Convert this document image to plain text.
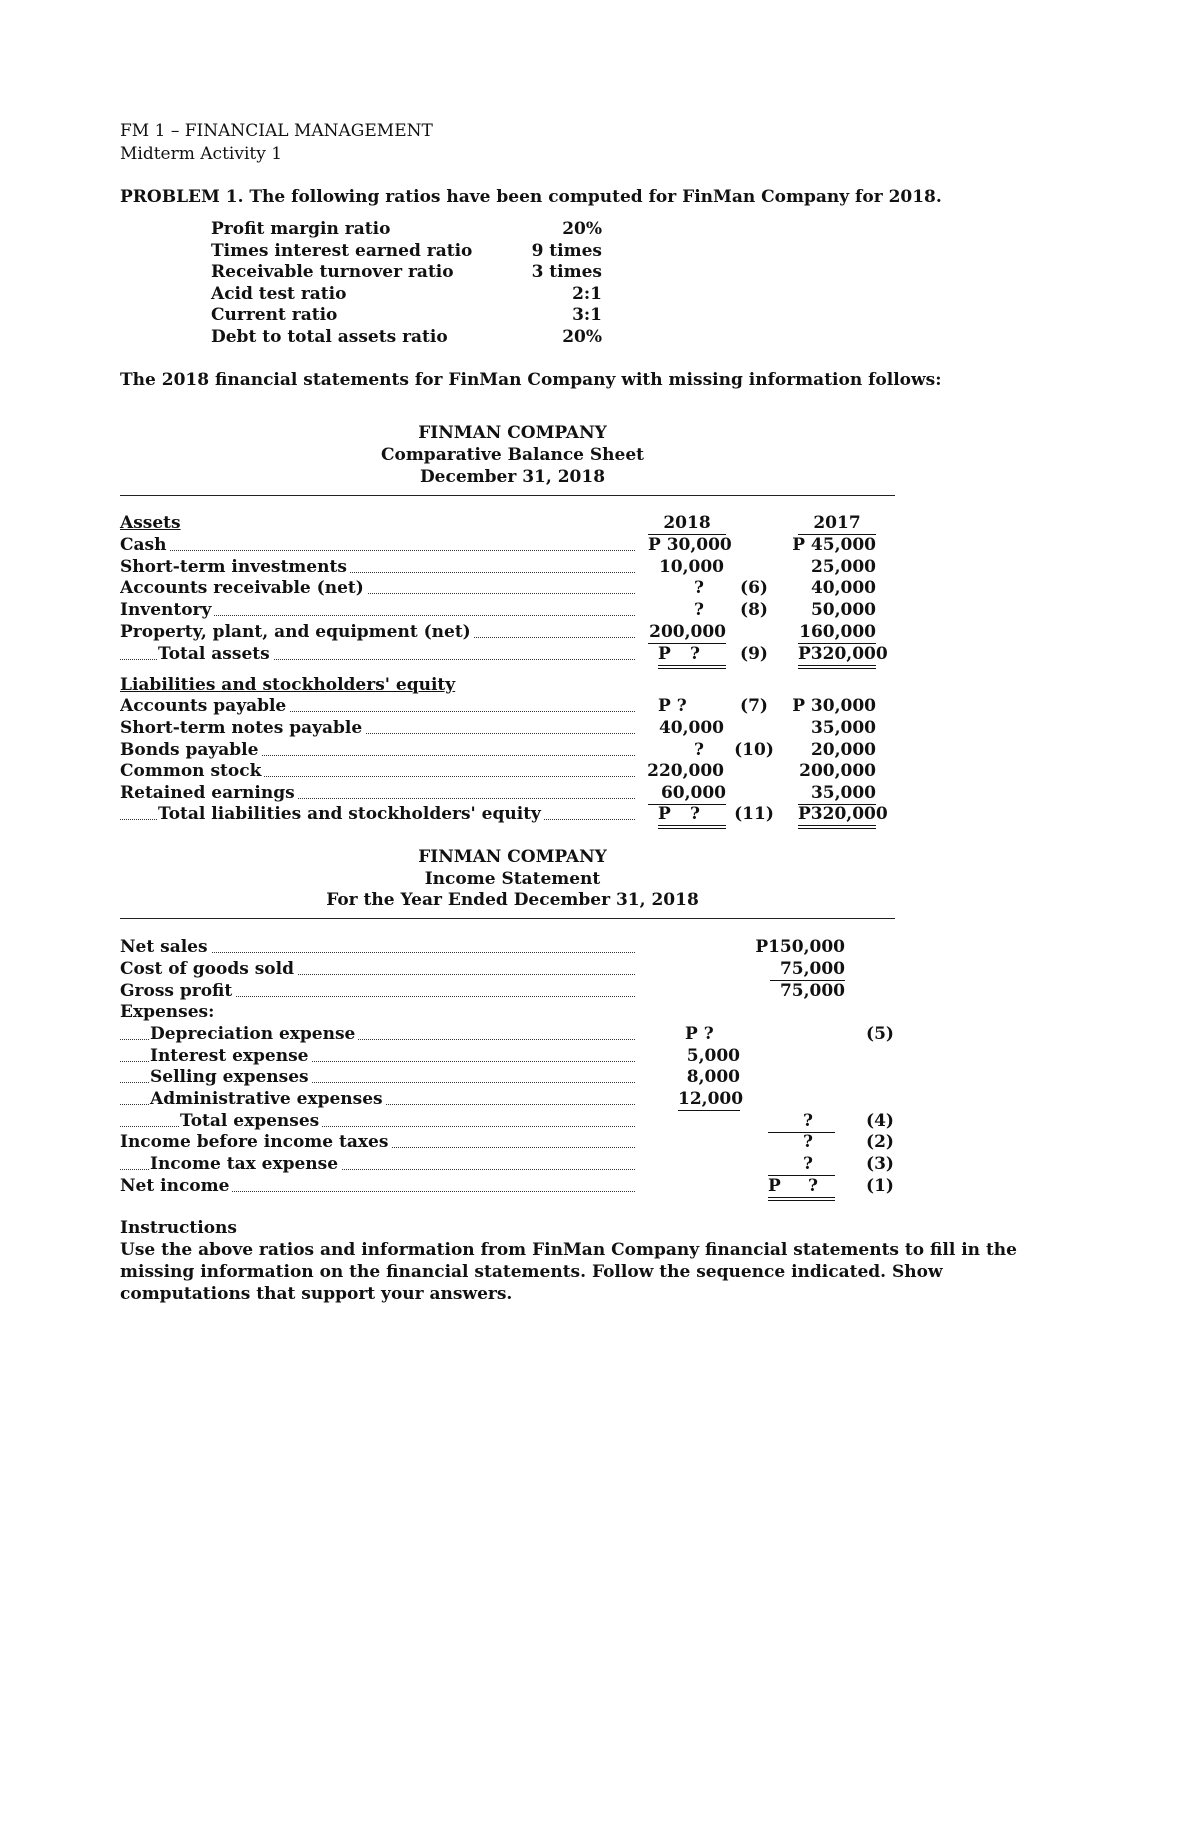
FM 1 – FINANCIAL MANAGEMENT
Midterm Activity 1
PROBLEM 1. The following ratios have been computed for FinMan Company for 2018.
Profit margin ratio	20%
Times interest earned ratio	9 times
Receivable turnover ratio	3 times
Acid test ratio	2:1
Current ratio	3:1
Debt to total assets ratio	20%
The 2018 financial statements for FinMan Company with missing information follows:
FINMAN COMPANY
Comparative Balance Sheet
December 31, 2018
Assets	2018	2017
Cash	P 30,000	P 45,000
Short-term investments	10,000	25,000
Accounts receivable (net)	?	(6)	40,000
Inventory	?	(8)	50,000
Property, plant, and equipment (net)	200,000	160,000
Total assets	P ?	(9)	P320,000
Liabilities and stockholders' equity
Accounts payable	P ?	(7)	P 30,000
Short-term notes payable	40,000	35,000
Bonds payable	? (10)	20,000
Common stock	220,000	200,000
Retained earnings	60,000	35,000
Total liabilities and stockholders' equity	P ? (11) P320,000
FINMAN COMPANY
Income Statement
For the Year Ended December 31, 2018
Net sales	P150,000
Cost of goods sold	75,000
Gross profit	75,000
Expenses:
Depreciation expense	P ?	(5)
Interest expense	5,000
Selling expenses	8,000
Administrative expenses	12,000
Total expenses	?	(4)
Income before income taxes	?	(2)
Income tax expense	?	(3)
Net income	P ?	(1)
Instructions
Use the above ratios and information from FinMan Company financial statements to fill in the
missing information on the financial statements. Follow the sequence indicated. Show
computations that support your answers.
